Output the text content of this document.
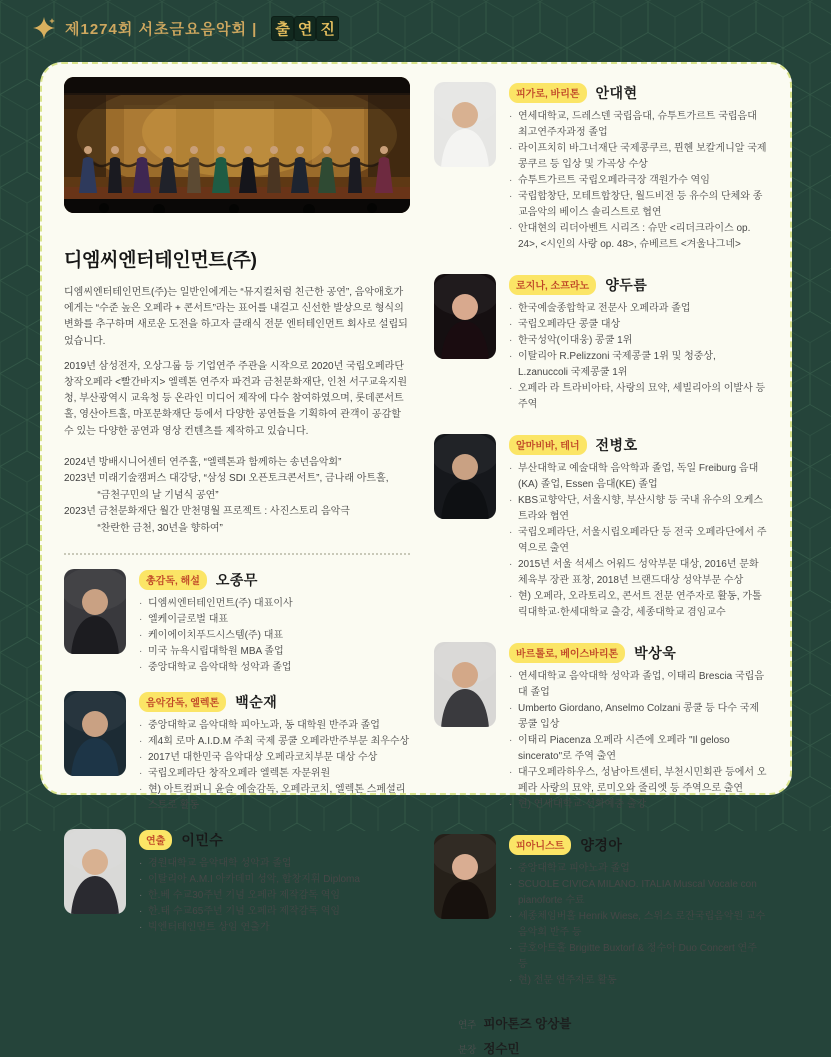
제1274회 서초금요음악회 | 출 연 진
디엠씨엔터테인먼트(주)

디엠씨엔터테인먼트(주)는 일반인에게는 “뮤지컬처럼 친근한 공연”, 음악애호가에게는 “수준 높은 오페라 + 콘서트”라는 표어를 내걸고 신선한 발상으로 형식의 변화를 추구하며 새로운 도전을 하고자 클래식 전문 엔터테인먼트 회사로 설립되었습니다.

2019년 삼성전자, 오상그룹 등 기업연주 주관을 시작으로 2020년 국립오페라단 창작오페라 <빨간바지> 엘렉톤 연주자 파견과 금천문화재단, 인천 서구교육지원청, 부산광역시 교육청 등 온라인 미디어 제작에 다수 참여하였으며, 롯데콘서트홀, 영산아트홀, 마포문화재단 등에서 다양한 공연들을 기획하여 관객이 공감할 수 있는 다양한 공연과 영상 컨텐츠를 제작하고 있습니다.

2024년 방배시니어센터 연주홀, “엘렉톤과 함께하는 송년음악회”
2023년 미래기술캠퍼스 대강당, “삼성 SDI 오픈토크콘서트”, 금나래 아트홀,
“금천구민의 날 기념식 공연”
2023년 금천문화재단 월간 만천명월 프로젝트 : 사진스토리 음악극
“찬란한 금천, 30년을 향하여”
총감독, 해설	오종무
· 디엠씨엔터테인먼트(주) 대표이사
· 엘케이글로벌 대표
· 케이에이치푸드시스템(주) 대표
· 미국 뉴욕시립대학원 MBA 졸업
· 중앙대학교 음악대학 성악과 졸업
음악감독, 엘렉톤	백순재
· 중앙대학교 음악대학 피아노과, 동 대학원 반주과 졸업
· 제4회 로마 A.I.D.M 주최 국제 콩쿨 오페라반주부문 최우수상
· 2017년 대한민국 음악대상 오페라코치부문 대상 수상
· 국립오페라단 창작오페라 엘렉톤 자문위원
· 현) 아트컴퍼니 윤슬 예술감독, 오페라코치, 엘렉톤 스페셜리스트로 활동
연출	이민수
· 경원대학교 음악대학 성악과 졸업
· 이탈리아 A.M.I 아카데미 성악, 합창지휘 Diploma
· 한.베 수교30주년 기념 오페라 제작감독 역임
· 한.태 수교65주년 기념 오페라 제작감독 역임
· 빅엔터테인먼트 상임 연출가
피가로, 바리톤	안대현
· 연세대학교, 드레스덴 국립음대, 슈투트가르트 국립음대 최고연주자과정 졸업
· 라이프치히 바그너재단 국제콩쿠르, 뮌헨 보칼게니알 국제콩쿠르 등 입상 및 가곡상 수상
· 슈투트가르트 국립오페라극장 객원가수 역임
· 국립합창단, 모테트합창단, 월드비전 등 유수의 단체와 종교음악의 베이스 솔리스트로 협연
· 안대현의 리더아벤트 시리즈 : 슈만 <리더크라이스 op. 24>, <시인의 사랑 op. 48>, 슈베르트 <겨울나그네>
로지나, 소프라노	양두름
· 한국예술종합학교 전문사 오페라과 졸업
· 국립오페라단 콩쿨 대상
· 한국성악(이대웅) 콩쿨 1위
· 이탈리아 R.Pelizzoni 국제콩쿨 1위 및 청중상, L.zanuccoli 국제콩쿨 1위
· 오페라 라 트라비아타, 사랑의 묘약, 세빌리아의 이발사 등 주역
알마비바, 테너	전병호
· 부산대학교 예술대학 음악학과 졸업, 독일 Freiburg 음대(KA) 졸업, Essen 음대(KE) 졸업
· KBS교향악단, 서울시향, 부산시향 등 국내 유수의 오케스트라와 협연
· 국립오페라단, 서울시립오페라단 등 전국 오페라단에서 주역으로 출연
· 2015년 서울 석세스 어워드 성악부문 대상, 2016년 문화체육부 장관 표창, 2018년 브랜드대상 성악부문 수상
· 현) 오페라, 오라토리오, 콘서트 전문 연주자로 활동, 가톨릭대학교·한세대학교 출강, 세종대학교 겸임교수
바르톨로, 베이스바리톤	박상욱
· 연세대학교 음악대학 성악과 졸업, 이태리 Brescia 국립음대 졸업
· Umberto Giordano, Anselmo Colzani 콩쿨 등 다수 국제콩쿨 입상
· 이태리 Piacenza 오페라 시즌에 오페라 "Il geloso sincerato"로 주역 출연
· 대구오페라하우스, 성남아트센터, 부천시민회관 등에서 오페라 사랑의 묘약, 로미오와 줄리엣 등 주역으로 출연
· 현) 연세대학교·선화예중 출강
피아니스트	양경아
· 중앙대학교 피아노과 졸업
· SCUOLE CIVICA MILANO. ITALIA Muscal Vocale con pianoforte 수료
· 세종체임버홀 Henrik Wiese, 스위스 로잔국립음악원 교수음악회 반주 등
· 금호아트홀 Brigitte Buxtorf & 정수아 Duo Concert 연주 등
· 현) 전문 연주자로 활동
연주 피아톤즈 앙상블
분장 정수민
